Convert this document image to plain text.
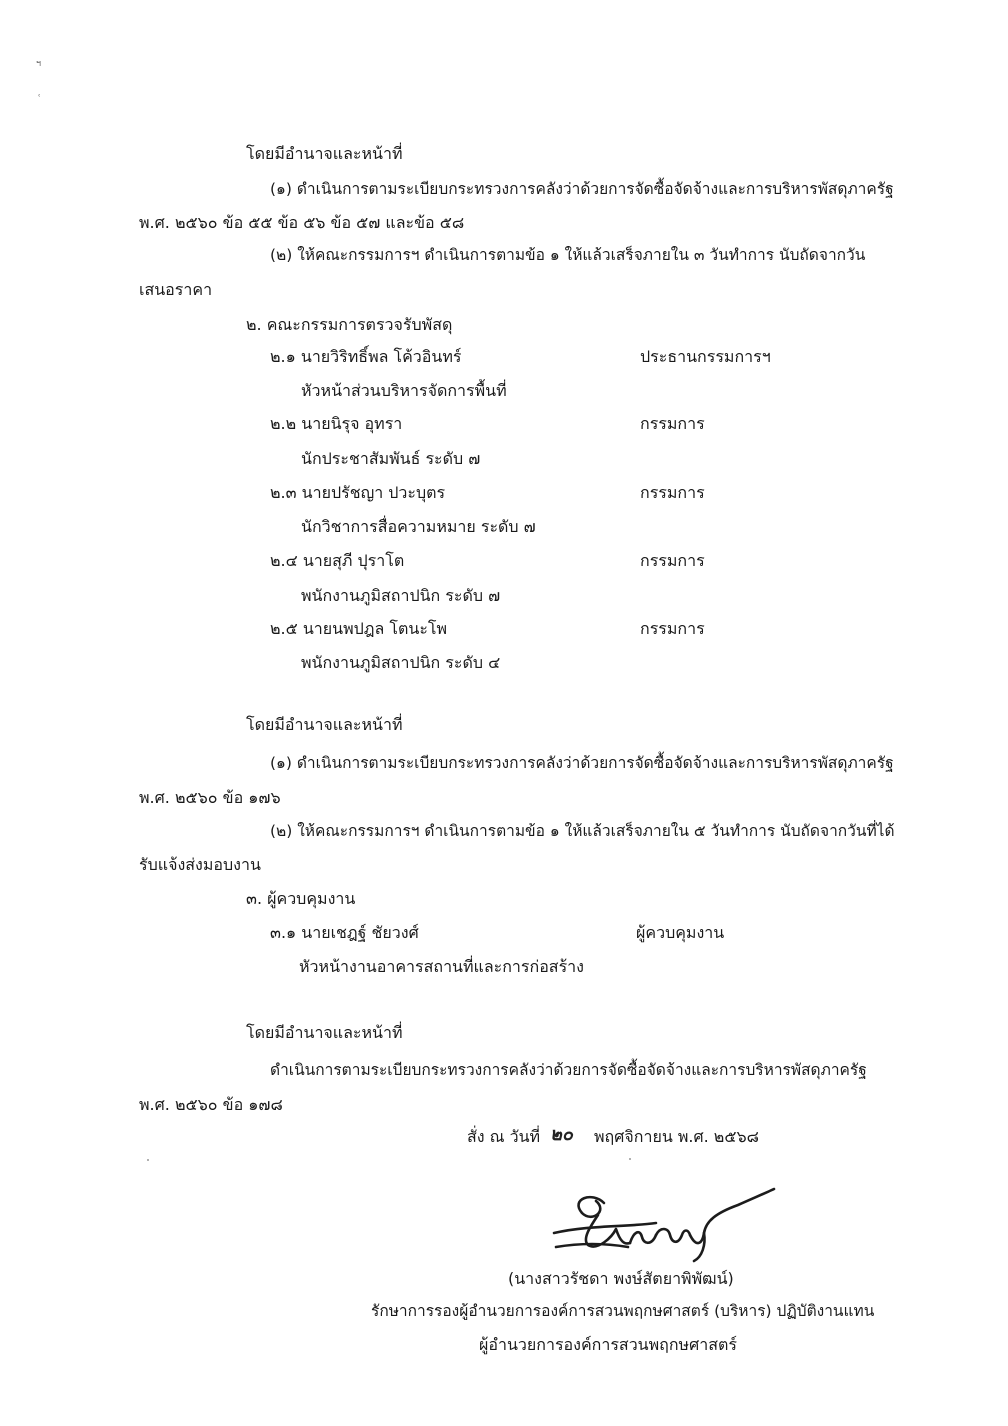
ฯ
ʿ
โดยมีอำนาจและหน้าที่
(๑) ดำเนินการตามระเบียบกระทรวงการคลังว่าด้วยการจัดซื้อจัดจ้างและการบริหารพัสดุภาครัฐ
พ.ศ. ๒๕๖๐ ข้อ ๕๕ ข้อ ๕๖ ข้อ ๕๗ และข้อ ๕๘
(๒) ให้คณะกรรมการฯ ดำเนินการตามข้อ ๑ ให้แล้วเสร็จภายใน ๓ วันทำการ นับถัดจากวัน
เสนอราคา
๒. คณะกรรมการตรวจรับพัสดุ
๒.๑ นายวิริทธิ์พล โค้วอินทร์	ประธานกรรมการฯ
หัวหน้าส่วนบริหารจัดการพื้นที่
๒.๒ นายนิรุจ อุทรา	กรรมการ
นักประชาสัมพันธ์ ระดับ ๗
๒.๓ นายปรัชญา ปวะบุตร	กรรมการ
นักวิชาการสื่อความหมาย ระดับ ๗
๒.๔ นายสุภี ปุราโต	กรรมการ
พนักงานภูมิสถาปนิก ระดับ ๗
๒.๕ นายนพปฎล โตนะโพ	กรรมการ
พนักงานภูมิสถาปนิก ระดับ ๔
โดยมีอำนาจและหน้าที่
(๑) ดำเนินการตามระเบียบกระทรวงการคลังว่าด้วยการจัดซื้อจัดจ้างและการบริหารพัสดุภาครัฐ
พ.ศ. ๒๕๖๐ ข้อ ๑๗๖
(๒) ให้คณะกรรมการฯ ดำเนินการตามข้อ ๑ ให้แล้วเสร็จภายใน ๕ วันทำการ นับถัดจากวันที่ได้
รับแจ้งส่งมอบงาน
๓. ผู้ควบคุมงาน
๓.๑ นายเชฎฐ์ ชัยวงศ์	ผู้ควบคุมงาน
หัวหน้างานอาคารสถานที่และการก่อสร้าง
โดยมีอำนาจและหน้าที่
ดำเนินการตามระเบียบกระทรวงการคลังว่าด้วยการจัดซื้อจัดจ้างและการบริหารพัสดุภาครัฐ
พ.ศ. ๒๕๖๐ ข้อ ๑๗๘
สั่ง ณ วันที่ ๒๐ พฤศจิกายน พ.ศ. ๒๕๖๘
(นางสาวรัชดา พงษ์สัตยาพิพัฒน์)
รักษาการรองผู้อำนวยการองค์การสวนพฤกษศาสตร์ (บริหาร) ปฏิบัติงานแทน
ผู้อำนวยการองค์การสวนพฤกษศาสตร์
